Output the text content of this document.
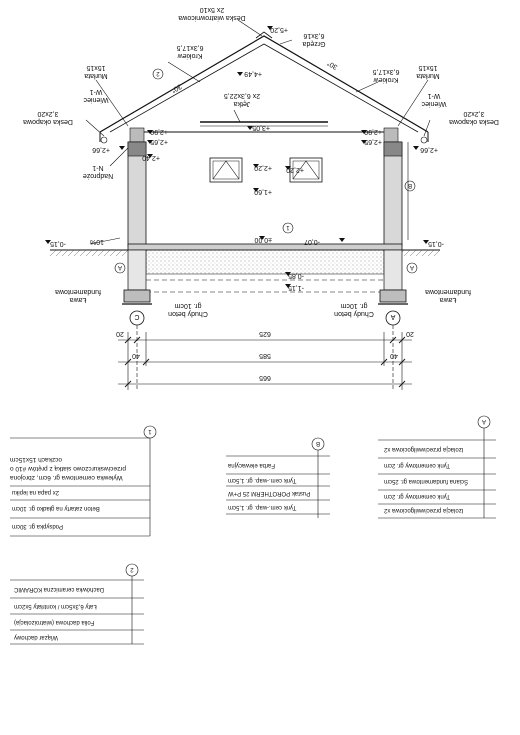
Deska wiatrownicowa
2x 5x10
Grzęda
6,3x16
Krokiew
6,3x17,5
Krokiew
6,3x17,5
Jętka
2x 6,3x22,5
Murłata
15x15
Wieniec
W-1
Murłata
15x15
Wieniec
W-1
Deska okapowa
3,2x20
Deska okapowa
3,2x20
Nadproże
N-1
Ława
fundamentowa
Ława
fundamentowa
Chudy beton
gr. 10cm
Chudy beton
gr. 10cm
30°
30°
10%
+5,20
+4,49
+3,05
+2,90
+2,65
+2,66
+2,40
+2,90
+2,65
+2,66
+2,20 +2,20
+1,60
±0,00	-0,07
-0,15	-0,15
-0,85
-1,15
C	A
1
2
B
A	A
20	625	20
40	585	40
665
1
Wylewka cementowa gr. 6cm, zbrojona przeciwskurczowo siatką z prętów #10 o oczkach 15x15cm
2x papa na lepiku
Beton zatarty na gładko gr. 10cm
Podsypka gr. 30cm
B
Farba elewacyjna
Tynk cem.-wap. gr. 1,5cm
Pustak POROTHERM 25 P+W
Tynk cem.-wap. gr. 1,5cm
A
Izolacja przeciwwilgociowa x2
Tynk cementowy gr. 2cm
Ściana fundamentowa gr. 25cm
Tynk cementowy gr. 2cm
Izolacja przeciwwilgociowa x2
2
Dachówka ceramiczna KORAMIC
Łaty 6,3x5cm / kontrłaty 5x2cm
Folia dachowa (wiatroizolacja)
Wiązar dachowy
